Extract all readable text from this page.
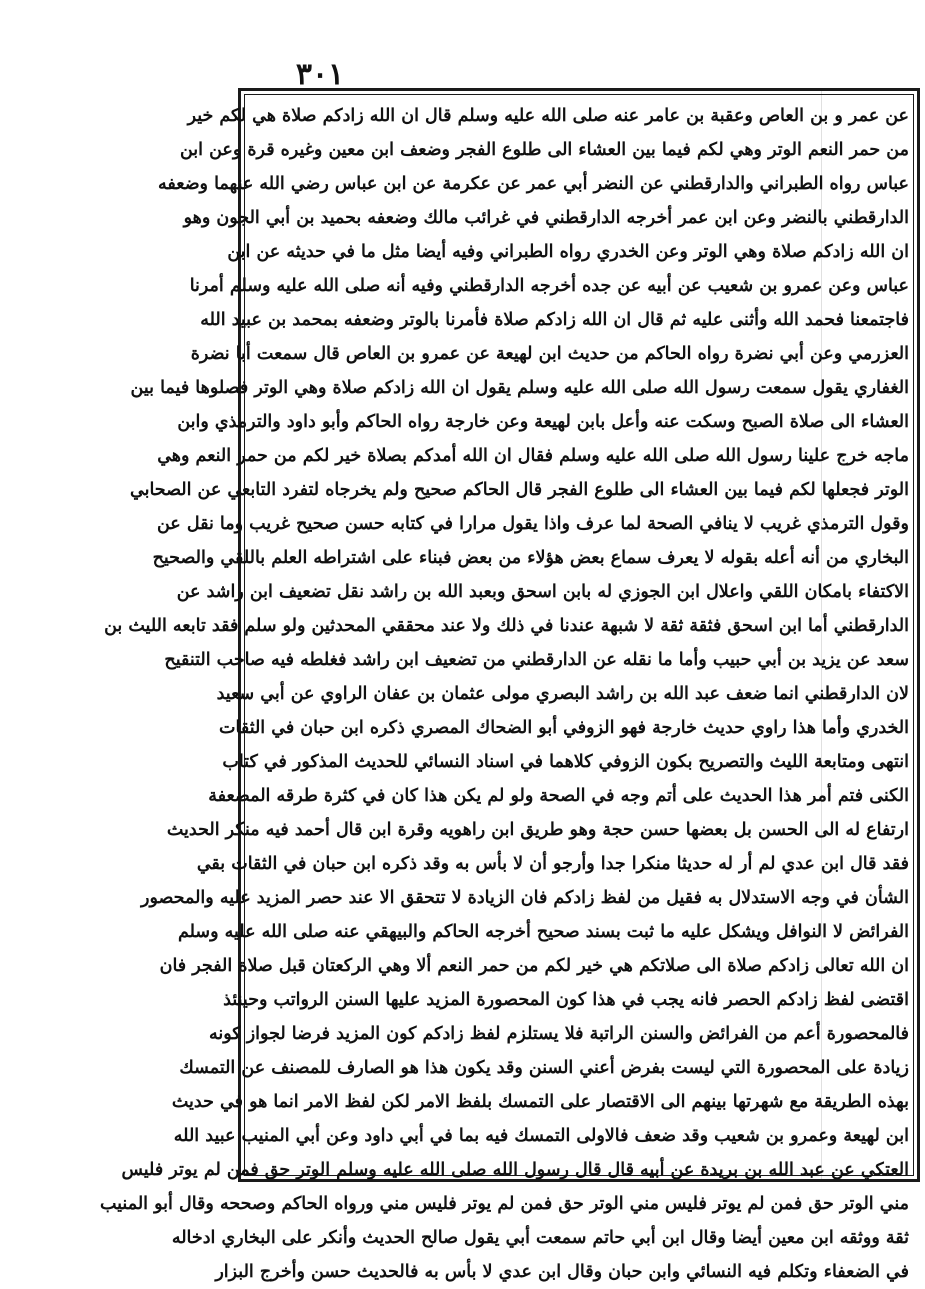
٣٠١
عن عمر و بن العاص وعقبة بن عامر عنه صلى الله عليه وسلم قال ان الله زادكم صلاة هي لكم خير
من حمر النعم الوتر وهي لكم فيما بين العشاء الى طلوع الفجر وضعف ابن معين وغيره قرة وعن ابن
عباس رواه الطبراني والدارقطني عن النضر أبي عمر عن عكرمة عن ابن عباس رضي الله عنهما وضعفه
الدارقطني بالنضر وعن ابن عمر أخرجه الدارقطني في غرائب مالك وضعفه بحميد بن أبي الجون وهو
ان الله زادكم صلاة وهي الوتر وعن الخدري رواه الطبراني وفيه أيضا مثل ما في حديثه عن ابن
عباس وعن عمرو بن شعيب عن أبيه عن جده أخرجه الدارقطني وفيه أنه صلى الله عليه وسلم أمرنا
فاجتمعنا فحمد الله وأثنى عليه ثم قال ان الله زادكم صلاة فأمرنا بالوتر وضعفه بمحمد بن عبيد الله
العزرمي وعن أبي نضرة رواه الحاكم من حديث ابن لهيعة عن عمرو بن العاص قال سمعت أبا نضرة
الغفاري يقول سمعت رسول الله صلى الله عليه وسلم يقول ان الله زادكم صلاة وهي الوتر فصلوها فيما بين
العشاء الى صلاة الصبح وسكت عنه وأعل بابن لهيعة وعن خارجة رواه الحاكم وأبو داود والترمذي وابن
ماجه خرج علينا رسول الله صلى الله عليه وسلم فقال ان الله أمدكم بصلاة خير لكم من حمر النعم وهي
الوتر فجعلها لكم فيما بين العشاء الى طلوع الفجر قال الحاكم صحيح ولم يخرجاه لتفرد التابعي عن الصحابي
وقول الترمذي غريب لا ينافي الصحة لما عرف واذا يقول مرارا في كتابه حسن صحيح غريب وما نقل عن
البخاري من أنه أعله بقوله لا يعرف سماع بعض هؤلاء من بعض فبناء على اشتراطه العلم باللقي والصحيح
الاكتفاء بامكان اللقي واعلال ابن الجوزي له بابن اسحق وبعبد الله بن راشد نقل تضعيف ابن راشد عن
الدارقطني أما ابن اسحق فثقة ثقة لا شبهة عندنا في ذلك ولا عند محققي المحدثين ولو سلم فقد تابعه الليث بن
سعد عن يزيد بن أبي حبيب وأما ما نقله عن الدارقطني من تضعيف ابن راشد فغلطه فيه صاحب التنقيح
لان الدارقطني انما ضعف عبد الله بن راشد البصري مولى عثمان بن عفان الراوي عن أبي سعيد
الخدري وأما هذا راوي حديث خارجة فهو الزوفي أبو الضحاك المصري ذكره ابن حبان في الثقات
انتهى ومتابعة الليث والتصريح بكون الزوفي كلاهما في اسناد النسائي للحديث المذكور في كتاب
الكنى فتم أمر هذا الحديث على أتم وجه في الصحة ولو لم يكن هذا كان في كثرة طرقه المضعفة
ارتفاع له الى الحسن بل بعضها حسن حجة وهو طريق ابن راهويه وقرة ابن قال أحمد فيه منكر الحديث
فقد قال ابن عدي لم أر له حديثا منكرا جدا وأرجو أن لا بأس به وقد ذكره ابن حبان في الثقات بقي
الشأن في وجه الاستدلال به فقيل من لفظ زادكم فان الزيادة لا تتحقق الا عند حصر المزيد عليه والمحصور
الفرائض لا النوافل ويشكل عليه ما ثبت بسند صحيح أخرجه الحاكم والبيهقي عنه صلى الله عليه وسلم
ان الله تعالى زادكم صلاة الى صلاتكم هي خير لكم من حمر النعم ألا وهي الركعتان قبل صلاة الفجر فان
اقتضى لفظ زادكم الحصر فانه يجب في هذا كون المحصورة المزيد عليها السنن الرواتب وحينئذ
فالمحصورة أعم من الفرائض والسنن الراتبة فلا يستلزم لفظ زادكم كون المزيد فرضا لجواز كونه
زيادة على المحصورة التي ليست بفرض أعني السنن وقد يكون هذا هو الصارف للمصنف عن التمسك
بهذه الطريقة مع شهرتها بينهم الى الاقتصار على التمسك بلفظ الامر لكن لفظ الامر انما هو في حديث
ابن لهيعة وعمرو بن شعيب وقد ضعف فالاولى التمسك فيه بما في أبي داود وعن أبي المنيب عبيد الله
العتكي عن عبد الله بن بريدة عن أبيه قال قال رسول الله صلى الله عليه وسلم الوتر حق فمن لم يوتر فليس
مني الوتر حق فمن لم يوتر فليس مني الوتر حق فمن لم يوتر فليس مني ورواه الحاكم وصححه وقال أبو المنيب
ثقة ووثقه ابن معين أيضا وقال ابن أبي حاتم سمعت أبي يقول صالح الحديث وأنكر على البخاري ادخاله
في الضعفاء وتكلم فيه النسائي وابن حبان وقال ابن عدي لا بأس به فالحديث حسن وأخرج البزار
